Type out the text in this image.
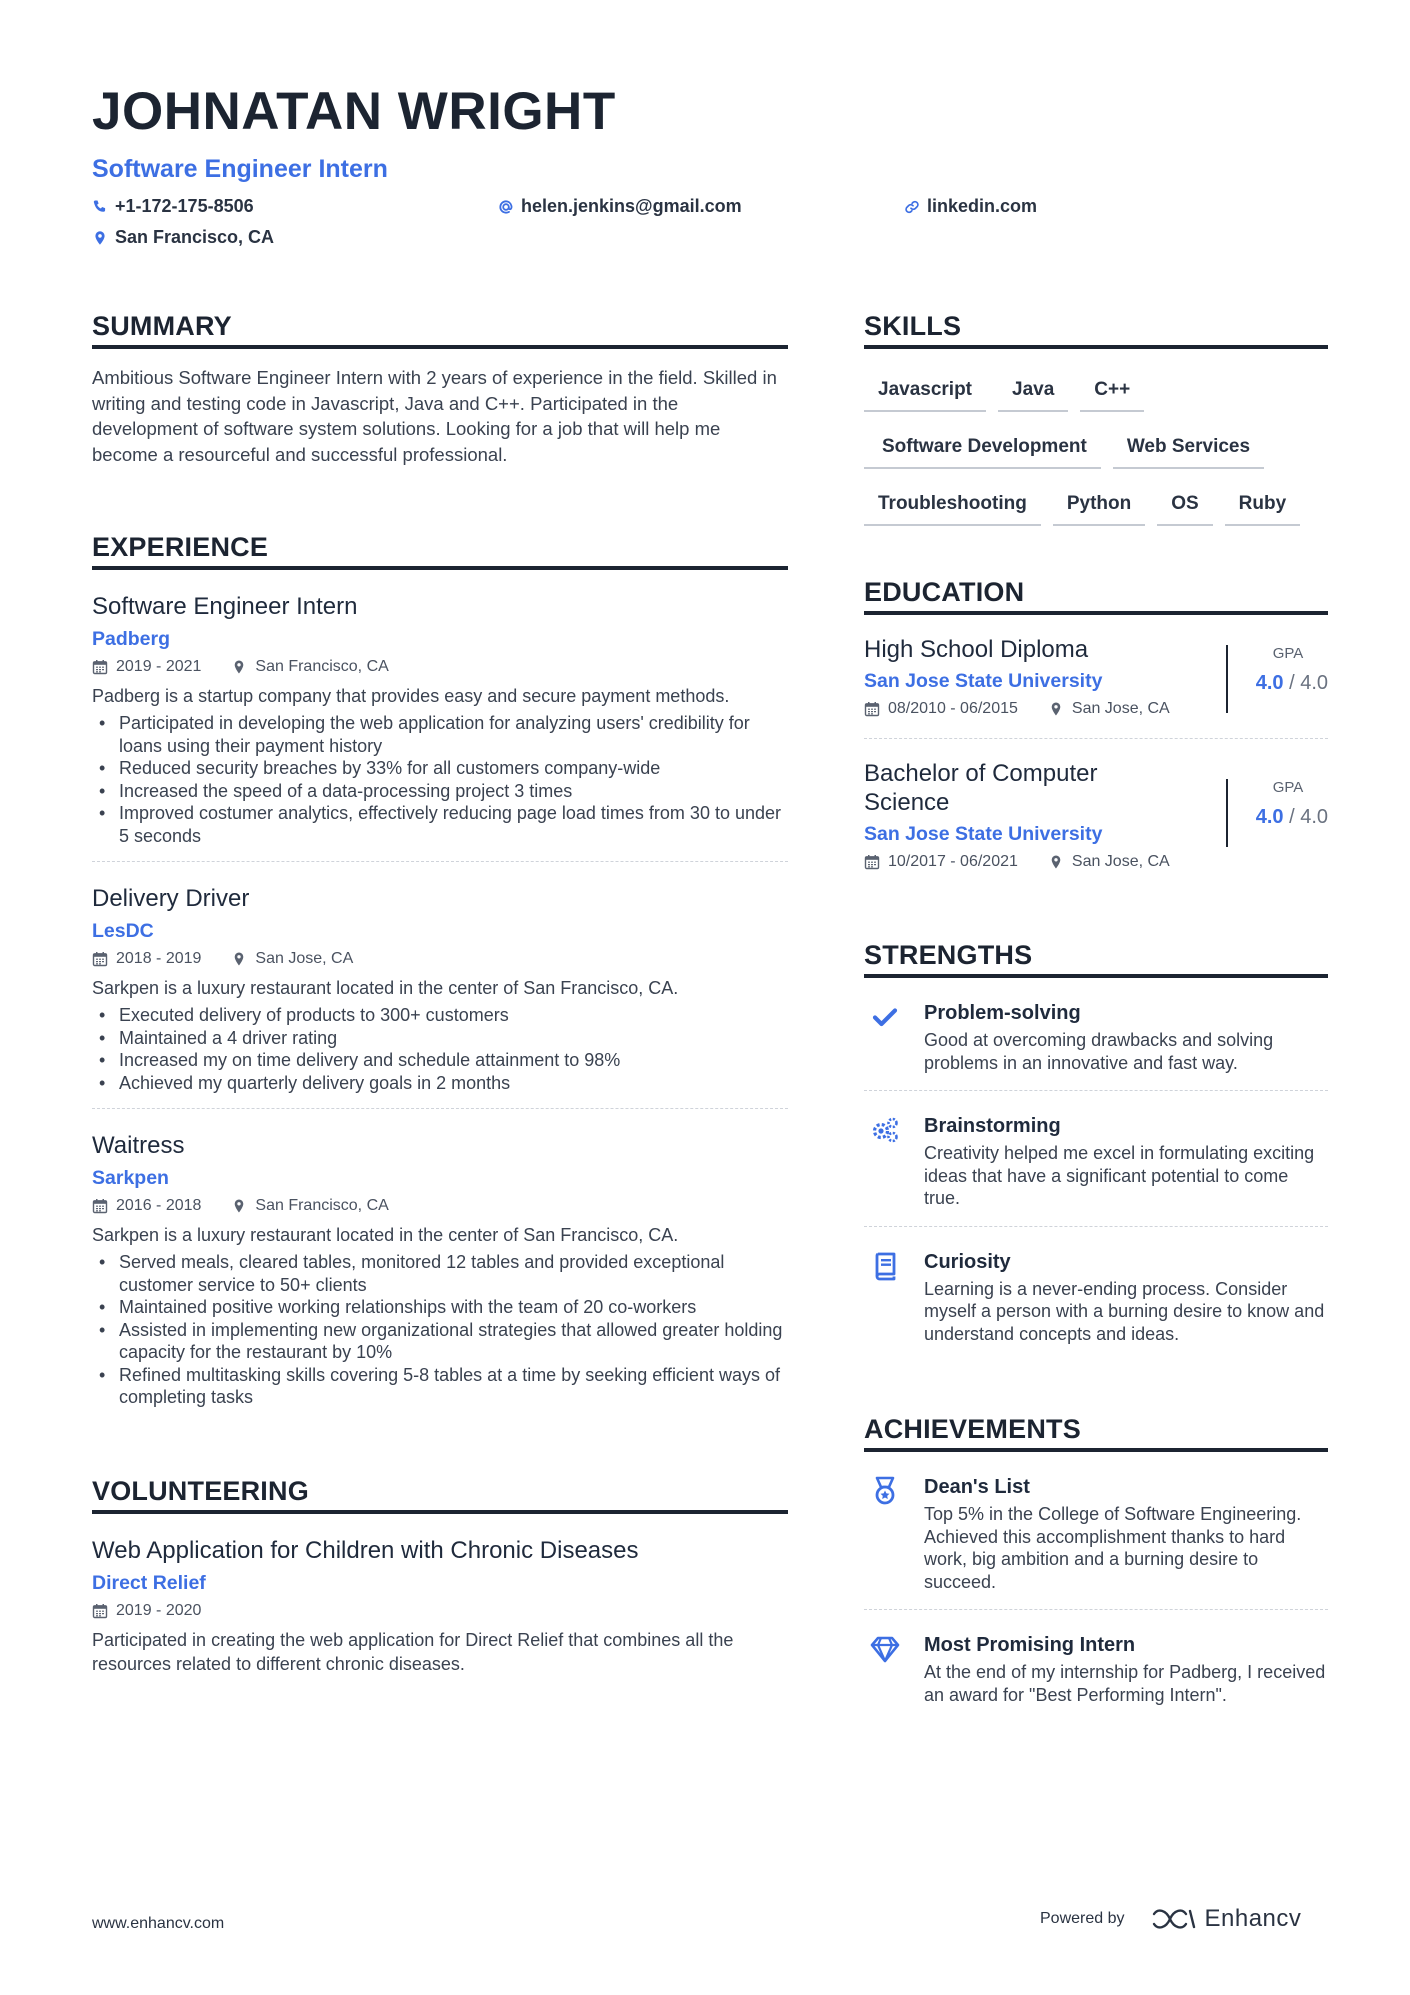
JOHNATAN WRIGHT
Software Engineer Intern
+1-172-175-8506	helen.jenkins@gmail.com	linkedin.com
San Francisco, CA
SUMMARY
Ambitious Software Engineer Intern with 2 years of experience in the field. Skilled in writing and testing code in Javascript, Java and C++. Participated in the development of software system solutions. Looking for a job that will help me become a resourceful and successful professional.
EXPERIENCE
Software Engineer Intern
Padberg
2019 - 2021	San Francisco, CA
Padberg is a startup company that provides easy and secure payment methods.
• Participated in developing the web application for analyzing users' credibility for loans using their payment history
• Reduced security breaches by 33% for all customers company-wide
• Increased the speed of a data-processing project 3 times
• Improved costumer analytics, effectively reducing page load times from 30 to under 5 seconds
Delivery Driver
LesDC
2018 - 2019	San Jose, CA
Sarkpen is a luxury restaurant located in the center of San Francisco, CA.
• Executed delivery of products to 300+ customers
• Maintained a 4 driver rating
• Increased my on time delivery and schedule attainment to 98%
• Achieved my quarterly delivery goals in 2 months
Waitress
Sarkpen
2016 - 2018	San Francisco, CA
Sarkpen is a luxury restaurant located in the center of San Francisco, CA.
• Served meals, cleared tables, monitored 12 tables and provided exceptional customer service to 50+ clients
• Maintained positive working relationships with the team of 20 co-workers
• Assisted in implementing new organizational strategies that allowed greater holding capacity for the restaurant by 10%
• Refined multitasking skills covering 5-8 tables at a time by seeking efficient ways of completing tasks
VOLUNTEERING
Web Application for Children with Chronic Diseases
Direct Relief
2019 - 2020
Participated in creating the web application for Direct Relief that combines all the resources related to different chronic diseases.
SKILLS
Javascript	Java	C++
Software Development	Web Services
Troubleshooting	Python	OS	Ruby
EDUCATION
High School Diploma
San Jose State University
08/2010 - 06/2015	San Jose, CA
GPA
4.0 / 4.0
Bachelor of Computer Science
San Jose State University
10/2017 - 06/2021	San Jose, CA
GPA
4.0 / 4.0
STRENGTHS
Problem-solving
Good at overcoming drawbacks and solving problems in an innovative and fast way.
Brainstorming
Creativity helped me excel in formulating exciting ideas that have a significant potential to come true.
Curiosity
Learning is a never-ending process. Consider myself a person with a burning desire to know and understand concepts and ideas.
ACHIEVEMENTS
Dean's List
Top 5% in the College of Software Engineering. Achieved this accomplishment thanks to hard work, big ambition and a burning desire to succeed.
Most Promising Intern
At the end of my internship for Padberg, I received an award for "Best Performing Intern".
www.enhancv.com	Powered by	Enhancv
